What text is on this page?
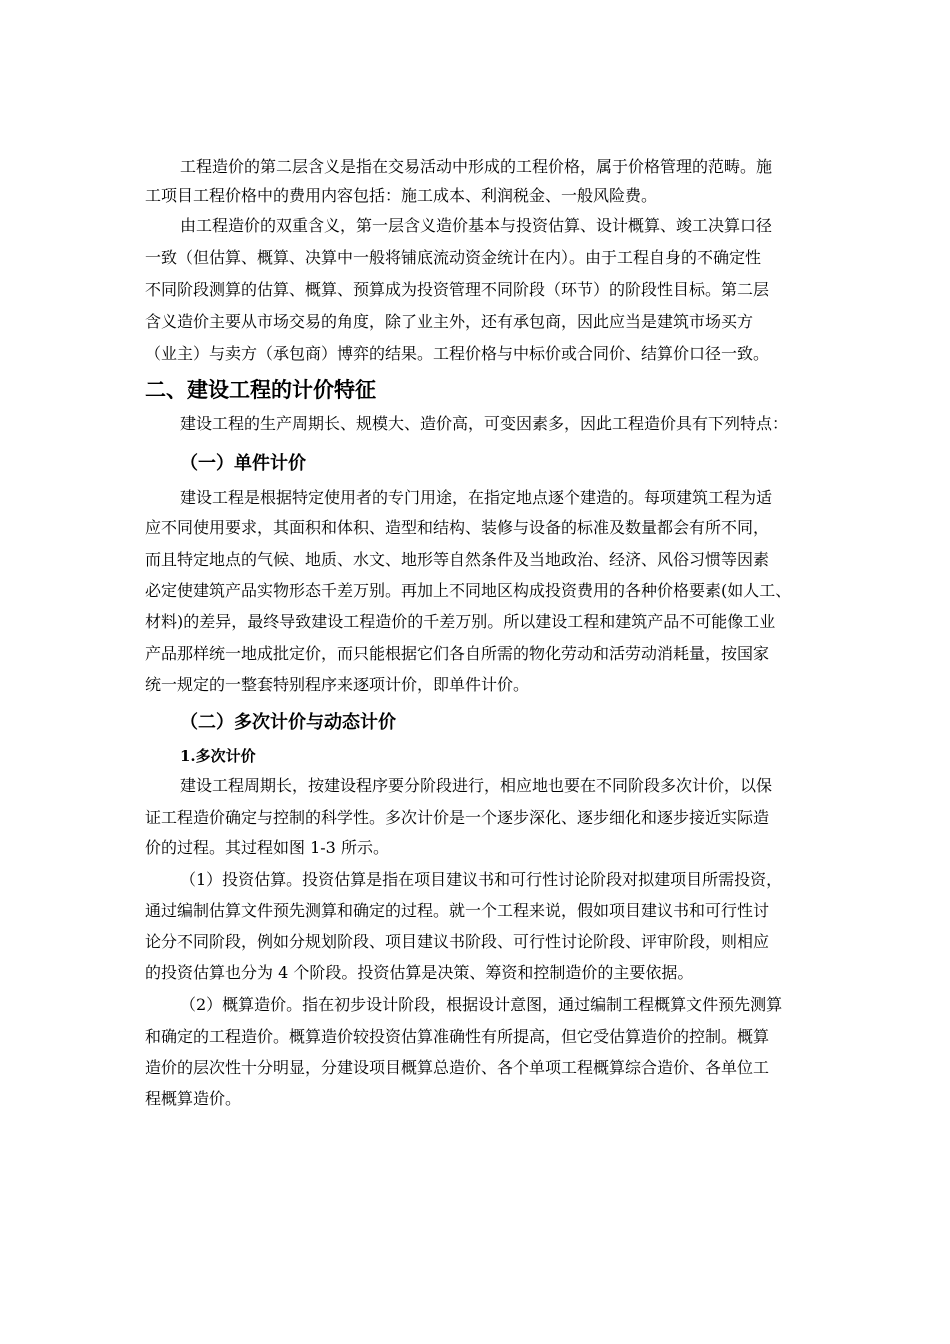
工程造价的第二层含义是指在交易活动中形成的工程价格，属于价格管理的范畴。施
工项目工程价格中的费用内容包括：施工成本、利润税金、一般风险费。
由工程造价的双重含义，第一层含义造价基本与投资估算、设计概算、竣工决算口径
一致（但估算、概算、决算中一般将铺底流动资金统计在内）。由于工程自身的不确定性
不同阶段测算的估算、概算、预算成为投资管理不同阶段（环节）的阶段性目标。第二层
含义造价主要从市场交易的角度，除了业主外，还有承包商，因此应当是建筑市场买方
（业主）与卖方（承包商）博弈的结果。工程价格与中标价或合同价、结算价口径一致。
二、建设工程的计价特征
建设工程的生产周期长、规模大、造价高，可变因素多，因此工程造价具有下列特点：
（一）单件计价
建设工程是根据特定使用者的专门用途，在指定地点逐个建造的。每项建筑工程为适
应不同使用要求，其面积和体积、造型和结构、装修与设备的标准及数量都会有所不同，
而且特定地点的气候、地质、水文、地形等自然条件及当地政治、经济、风俗习惯等因素
必定使建筑产品实物形态千差万别。再加上不同地区构成投资费用的各种价格要素(如人工、
材料)的差异，最终导致建设工程造价的千差万别。所以建设工程和建筑产品不可能像工业
产品那样统一地成批定价，而只能根据它们各自所需的物化劳动和活劳动消耗量，按国家
统一规定的一整套特别程序来逐项计价，即单件计价。
（二）多次计价与动态计价
1.多次计价
建设工程周期长，按建设程序要分阶段进行，相应地也要在不同阶段多次计价，以保
证工程造价确定与控制的科学性。多次计价是一个逐步深化、逐步细化和逐步接近实际造
价的过程。其过程如图 1-3 所示。
（1）投资估算。投资估算是指在项目建议书和可行性讨论阶段对拟建项目所需投资，
通过编制估算文件预先测算和确定的过程。就一个工程来说，假如项目建议书和可行性讨
论分不同阶段，例如分规划阶段、项目建议书阶段、可行性讨论阶段、评审阶段，则相应
的投资估算也分为 4 个阶段。投资估算是决策、筹资和控制造价的主要依据。
（2）概算造价。指在初步设计阶段，根据设计意图，通过编制工程概算文件预先测算
和确定的工程造价。概算造价较投资估算准确性有所提高，但它受估算造价的控制。概算
造价的层次性十分明显，分建设项目概算总造价、各个单项工程概算综合造价、各单位工
程概算造价。
